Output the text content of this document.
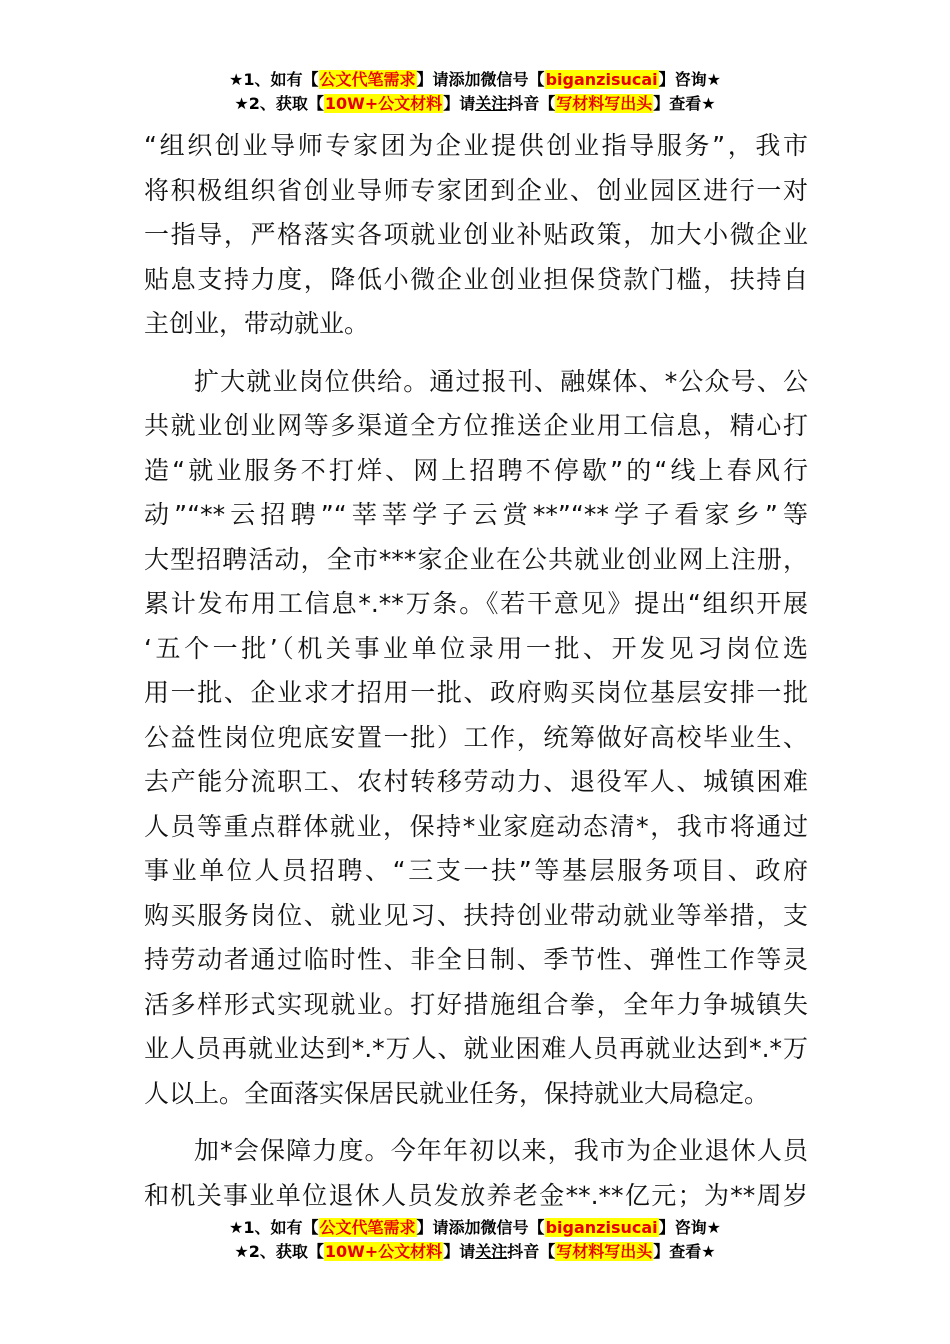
★1、如有【公文代笔需求】请添加微信号【biganzisucai】咨询★
★2、获取【10W+公文材料】请关注抖音【写材料写出头】查看★
“组织创业导师专家团为企业提供创业指导服务”，我市
将积极组织省创业导师专家团到企业、创业园区进行一对
一指导，严格落实各项就业创业补贴政策，加大小微企业
贴息支持力度，降低小微企业创业担保贷款门槛，扶持自
主创业，带动就业。
扩大就业岗位供给。通过报刊、融媒体、*公众号、公
共就业创业网等多渠道全方位推送企业用工信息，精心打
造“就业服务不打烊、网上招聘不停歇”的“线上春风行
动”“**云招聘”“莘莘学子云赏**”“**学子看家乡”等
大型招聘活动，全市***家企业在公共就业创业网上注册，
累计发布用工信息*.**万条。《若干意见》提出“组织开展
‘五个一批’（机关事业单位录用一批、开发见习岗位选
用一批、企业求才招用一批、政府购买岗位基层安排一批
公益性岗位兜底安置一批）工作，统筹做好高校毕业生、
去产能分流职工、农村转移劳动力、退役军人、城镇困难
人员等重点群体就业，保持*业家庭动态清*，我市将通过
事业单位人员招聘、“三支一扶”等基层服务项目、政府
购买服务岗位、就业见习、扶持创业带动就业等举措，支
持劳动者通过临时性、非全日制、季节性、弹性工作等灵
活多样形式实现就业。打好措施组合拳，全年力争城镇失
业人员再就业达到*.*万人、就业困难人员再就业达到*.*万
人以上。全面落实保居民就业任务，保持就业大局稳定。
加*会保障力度。今年年初以来，我市为企业退休人员
和机关事业单位退休人员发放养老金**.**亿元；为**周岁
★1、如有【公文代笔需求】请添加微信号【biganzisucai】咨询★
★2、获取【10W+公文材料】请关注抖音【写材料写出头】查看★
